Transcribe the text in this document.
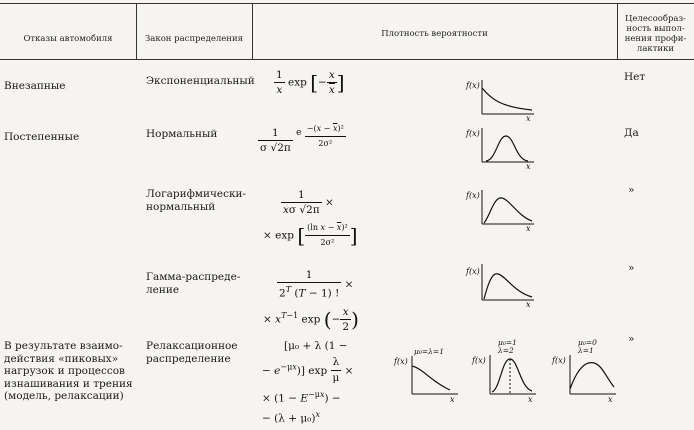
Отказы автомобиля	Закон распределения	Плотность вероятности
Целесообраз-
ность выпол-
нения профи-
лактики
Внезапные
Постепенные
В результате взаимо-
действия «пиковых»
нагрузок и процессов
изнашивания и трения
(модель, релаксации)
Экспоненциальный
Нормальный
Логарифмически-
нормальный
Гамма-распреде-
ление
Релаксационное
распределение
$\frac{1}{x}$ exp [− $\frac{x}{x}$ ]
$\frac{1}{\sigma √2\pi}$ e $\frac{-(x - \overline{x})^2}{\text{2σ²}}$
$\frac{1}{x\sigma √2\pi}$ ×
× exp [ $\frac{(\ln x - \overline{x})^2}{\text{2σ²}}$ ]
$\frac{1}{2^T (T - 1) !}$ ×
× $x^{T-1}$ exp (− $\frac{x}{2}$ )
[μ₀ + λ (1 −
− $e^{-\mu x}$)] $\exp \frac{\lambda}{\mu}$ ×
× $(1 - E^{-\mu x})$ −
− $(\lambda + \mu_0)^x$
f(x)
x
f(x)
x
f(x)
x
f(x)
x
f(x)
μ₀=λ=1
x
μ₀=1
λ=2
f(x)
x
μ₀=0
λ=1
f(x)
x
Нет
Да
»
»
»
